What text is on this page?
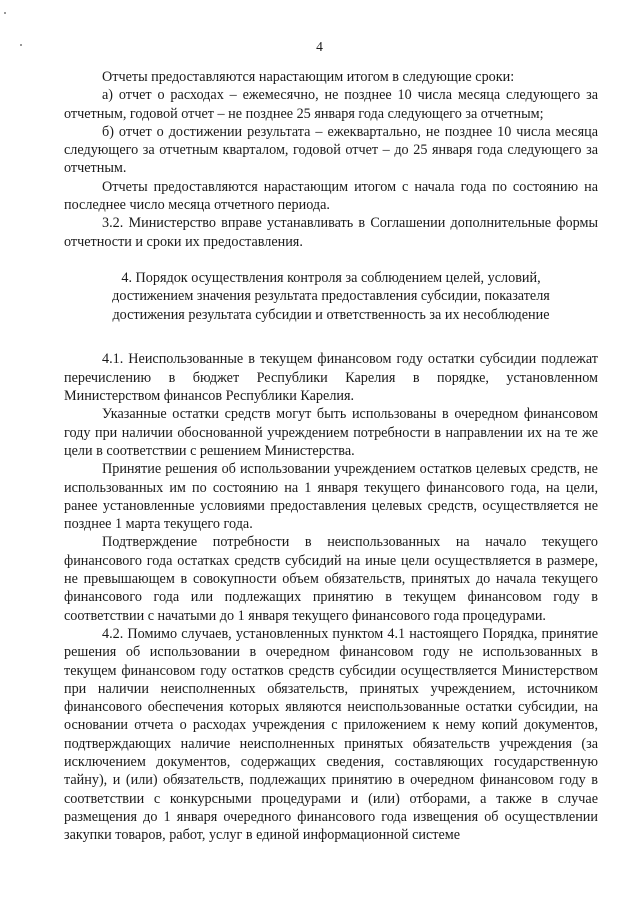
4

Отчеты предоставляются нарастающим итогом в следующие сроки:

а) отчет о расходах – ежемесячно, не позднее 10 числа месяца следующего за отчетным, годовой отчет – не позднее 25 января года следующего за отчетным;

б) отчет о достижении результата – ежеквартально, не позднее 10 числа месяца следующего за отчетным кварталом, годовой отчет – до 25 января года следующего за отчетным.

Отчеты предоставляются нарастающим итогом с начала года по состоянию на последнее число месяца отчетного периода.

3.2. Министерство вправе устанавливать в Соглашении дополнительные формы отчетности и сроки их предоставления.

4. Порядок осуществления контроля за соблюдением целей, условий, достижением значения результата предоставления субсидии, показателя достижения результата субсидии и ответственность за их несоблюдение

4.1. Неиспользованные в текущем финансовом году остатки субсидии подлежат перечислению в бюджет Республики Карелия в порядке, установленном Министерством финансов Республики Карелия.

Указанные остатки средств могут быть использованы в очередном финансовом году при наличии обоснованной учреждением потребности в направлении их на те же цели в соответствии с решением Министерства.

Принятие решения об использовании учреждением остатков целевых средств, не использованных им по состоянию на 1 января текущего финансового года, на цели, ранее установленные условиями предоставления целевых средств, осуществляется не позднее 1 марта текущего года.

Подтверждение потребности в неиспользованных на начало текущего финансового года остатках средств субсидий на иные цели осуществляется в размере, не превышающем в совокупности объем обязательств, принятых до начала текущего финансового года или подлежащих принятию в текущем финансовом году в соответствии с начатыми до 1 января текущего финансового года процедурами.

4.2. Помимо случаев, установленных пунктом 4.1 настоящего Порядка, принятие решения об использовании в очередном финансовом году не использованных в текущем финансовом году остатков средств субсидии осуществляется Министерством при наличии неисполненных обязательств, принятых учреждением, источником финансового обеспечения которых являются неиспользованные остатки субсидии, на основании отчета о расходах учреждения с приложением к нему копий документов, подтверждающих наличие неисполненных принятых обязательств учреждения (за исключением документов, содержащих сведения, составляющих государственную тайну), и (или) обязательств, подлежащих принятию в очередном финансовом году в соответствии с конкурсными процедурами и (или) отборами, а также в случае размещения до 1 января очередного финансового года извещения об осуществлении закупки товаров, работ, услуг в единой информационной системе
